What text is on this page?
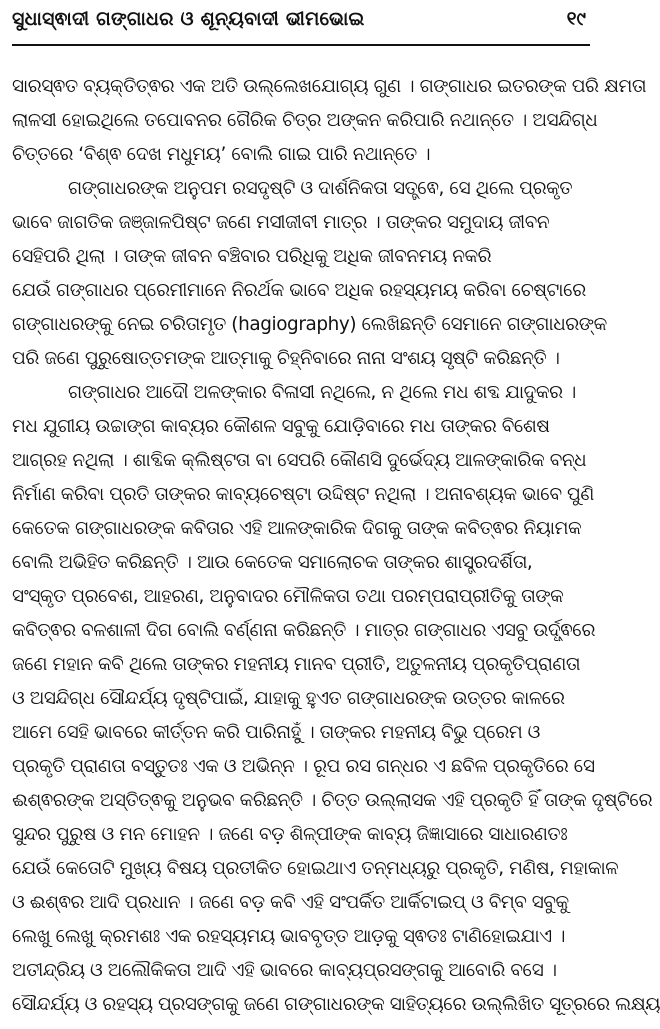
ସୁଧାସ୍ଵାଦୀ ଗଙ୍ଗାଧର ଓ ଶୂନ୍ୟବାଦୀ ଭୀମଭୋଇ	୧୯
ସାରସ୍ଵତ ବ୍ୟକ୍ତିତ୍ଵର ଏକ ଅତି ଉଲ୍ଲେଖଯୋଗ୍ୟ ଗୁଣ । ଗଙ୍ଗାଧର ଇତରଙ୍କ ପରି କ୍ଷମତା
ଲାଳସୀ ହୋଇଥିଲେ ତପୋବନର ଗୈରିକ ଚିତ୍ର ଅଙ୍କନ କରିପାରି ନଥାନ୍ତେ । ଅସନ୍ଦିଗ୍ଧ
ଚିତ୍ତରେ ‘ବିଶ୍ଵ ଦେଖ ମଧୁମୟ’ ବୋଲି ଗାଇ ପାରି ନଥାନ୍ତେ ।
ଗଙ୍ଗାଧରଙ୍କ ଅନୁପମ ରସଦୃଷ୍ଟି ଓ ଦାର୍ଶନିକତା ସତ୍ତ୍ଵେ, ସେ ଥିଲେ ପ୍ରକୃତ
ଭାବେ ଜାଗତିକ ଜଞ୍ଜାଳପିଷ୍ଟ ଜଣେ ମସୀଜୀବୀ ମାତ୍ର । ତାଙ୍କର ସମୁଦାୟ ଜୀବନ
ସେହିପରି ଥିଲା । ତାଙ୍କ ଜୀବନ ବଞ୍ଚିବାର ପରିଧିକୁ ଅଧିକ ଜୀବନମୟ ନକରି
ଯେଉଁ ଗଙ୍ଗାଧର ପ୍ରେମୀମାନେ ନିରର୍ଥକ ଭାବେ ଅଧିକ ରହସ୍ୟମୟ କରିବା ଚେଷ୍ଟାରେ
ଗଙ୍ଗାଧରଙ୍କୁ ନେଇ ଚରିତାମୃତ (hagiography) ଲେଖିଛନ୍ତି ସେମାନେ ଗଙ୍ଗାଧରଙ୍କ
ପରି ଜଣେ ପୁରୁଷୋତ୍ତମଙ୍କ ଆତ୍ମାକୁ ଚିହ୍ନିବାରେ ନାନା ସଂଶୟ ସୃଷ୍ଟି କରିଛନ୍ତି ।
ଗଙ୍ଗାଧର ଆଦୌ ଅଳଙ୍କାର ବିଳାସୀ ନଥିଲେ, ନ ଥିଲେ ମଧ ଶବ୍ଦ ଯାଦୁକର ।
ମଧ ଯୁଗୀୟ ଉଚ୍ଚାଙ୍ଗ କାବ୍ୟର କୌଶଳ ସବୁକୁ ଯୋଡ଼ିବାରେ ମଧ ତାଙ୍କର ବିଶେଷ
ଆଗ୍ରହ ନଥିଲା । ଶାବ୍ଦିକ କ୍ଲିଷ୍ଟତା ବା ସେପରି କୌଣସି ଦୁର୍ଭେଦ୍ୟ ଆଳଙ୍କାରିକ ବନ୍ଧ
ନିର୍ମାଣ କରିବା ପ୍ରତି ତାଙ୍କର କାବ୍ୟଚେଷ୍ଟା ଉଦ୍ଦିଷ୍ଟ ନଥିଲା । ଅନାବଶ୍ୟକ ଭାବେ ପୁଣି
କେତେକ ଗଙ୍ଗାଧରଙ୍କ କବିତାର ଏହି ଆଳଙ୍କାରିକ ଦିଗକୁ ତାଙ୍କ କବିତ୍ଵର ନିୟାମକ
ବୋଲି ଅଭିହିତ କରିଛନ୍ତି । ଆଉ କେତେକ ସମାଲୋଚକ ତାଙ୍କର ଶାସ୍ତ୍ରଦର୍ଶିତା,
ସଂସ୍କୃତ ପ୍ରବେଶ, ଆହରଣ, ଅନୁବାଦର ମୌଳିକତା ତଥା ପରମ୍ପରାପ୍ରୀତିକୁ ତାଙ୍କ
କବିତ୍ଵର ବଳଶାଳୀ ଦିଗ ବୋଲି ବର୍ଣ୍ଣନା କରିଛନ୍ତି । ମାତ୍ର ଗଙ୍ଗାଧର ଏସବୁ ଉର୍ଦ୍ଧ୍ଵରେ
ଜଣେ ମହାନ କବି ଥିଲେ ତାଙ୍କର ମହନୀୟ ମାନବ ପ୍ରୀତି, ଅତୁଳନୀୟ ପ୍ରକୃତିପ୍ରାଣତା
ଓ ଅସନ୍ଦିଗ୍ଧ ସୌନ୍ଦର୍ଯ୍ୟ ଦୃଷ୍ଟିପାଇଁ, ଯାହାକୁ ହୁଏତ ଗଙ୍ଗାଧରଙ୍କ ଉତ୍ତର କାଳରେ
ଆମେ ସେହି ଭାବରେ କୀର୍ତ୍ତନ କରି ପାରିନାହୁଁ । ତାଙ୍କର ମହନୀୟ ବିଭୁ ପ୍ରେମ ଓ
ପ୍ରକୃତି ପ୍ରାଣତା ବସ୍ତୁତଃ ଏକ ଓ ଅଭିନ୍ନ । ରୂପ ରସ ଗନ୍ଧର ଏ ଛବିଳ ପ୍ରକୃତିରେ ସେ
ଈଶ୍ଵରଙ୍କ ଅସ୍ତିତ୍ଵକୁ ଅନୁଭବ କରିଛନ୍ତି । ଚିତ୍ତ ଉଲ୍ଲାସକ ଏହି ପ୍ରକୃତି ହିଁ ତାଙ୍କ ଦୃଷ୍ଟିରେ
ସୁନ୍ଦର ପୁରୁଷ ଓ ମନ ମୋହନ । ଜଣେ ବଡ଼ ଶିଳ୍ପୀଙ୍କ କାବ୍ୟ ଜିଜ୍ଞାସାରେ ସାଧାରଣତଃ
ଯେଉଁ କେତୋଟି ମୁଖ୍ୟ ବିଷୟ ପ୍ରତୀକିତ ହୋଇଥାଏ ତନ୍ମଧ୍ୟରୁ ପ୍ରକୃତି, ମଣିଷ, ମହାକାଳ
ଓ ଈଶ୍ଵର ଆଦି ପ୍ରଧାନ । ଜଣେ ବଡ଼ କବି ଏହି ସଂପର୍କିତ ଆର୍କିଟାଇପ୍ ଓ ବିମ୍ବ ସବୁକୁ
ଲେଖୁ ଲେଖୁ କ୍ରମଶଃ ଏକ ରହସ୍ୟମୟ ଭାବବୃତ୍ତ ଆଡ଼କୁ ସ୍ଵତଃ ଟାଣିହୋଇଯାଏ ।
ଅତୀନ୍ଦ୍ରିୟ ଓ ଅଲୌକିକତା ଆଦି ଏହି ଭାବରେ କାବ୍ୟପ୍ରସଙ୍ଗକୁ ଆବୋରି ବସେ ।
ସୌନ୍ଦର୍ଯ୍ୟ ଓ ରହସ୍ୟ ପ୍ରସଙ୍ଗକୁ ଜଣେ ଗଙ୍ଗାଧରଙ୍କ ସାହିତ୍ୟରେ ଉଲ୍ଲିଖିତ ସୂତ୍ରରେ ଲକ୍ଷ୍ୟ
